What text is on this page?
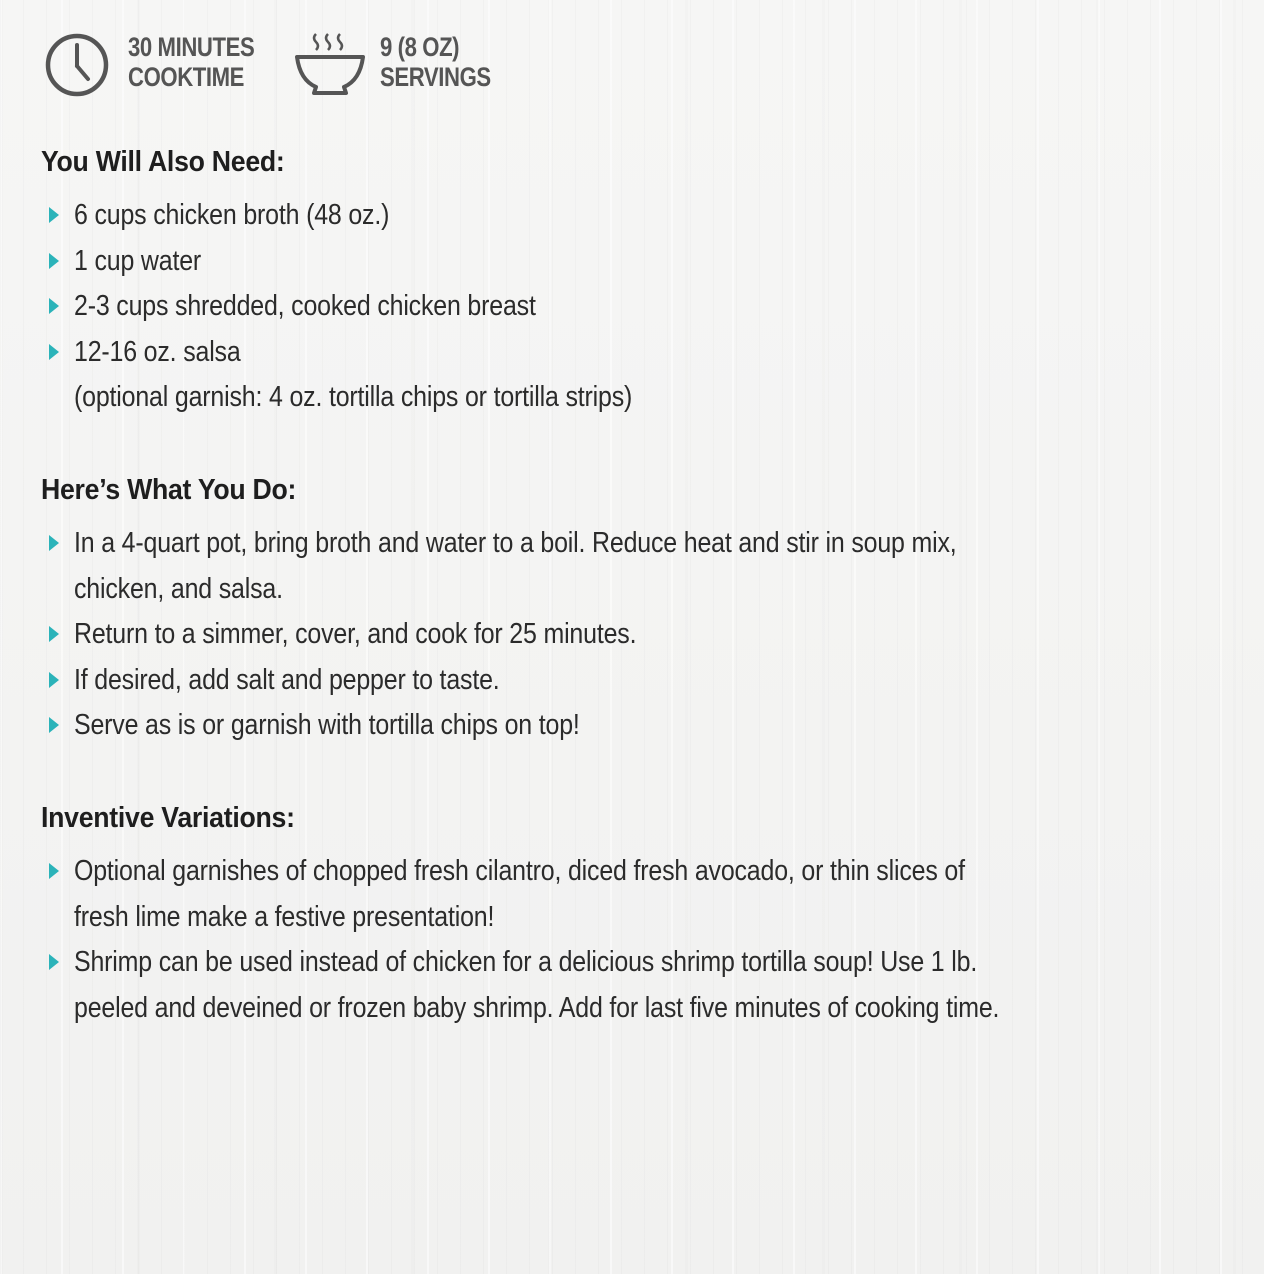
30 MINUTES
COOKTIME
9 (8 OZ)
SERVINGS
You Will Also Need:
6 cups chicken broth (48 oz.)
1 cup water
2-3 cups shredded, cooked chicken breast
12-16 oz. salsa
(optional garnish: 4 oz. tortilla chips or tortilla strips)
Here’s What You Do:
In a 4-quart pot, bring broth and water to a boil. Reduce heat and stir in soup mix,
chicken, and salsa.
Return to a simmer, cover, and cook for 25 minutes.
If desired, add salt and pepper to taste.
Serve as is or garnish with tortilla chips on top!
Inventive Variations:
Optional garnishes of chopped fresh cilantro, diced fresh avocado, or thin slices of
fresh lime make a festive presentation!
Shrimp can be used instead of chicken for a delicious shrimp tortilla soup! Use 1 lb.
peeled and deveined or frozen baby shrimp. Add for last five minutes of cooking time.
